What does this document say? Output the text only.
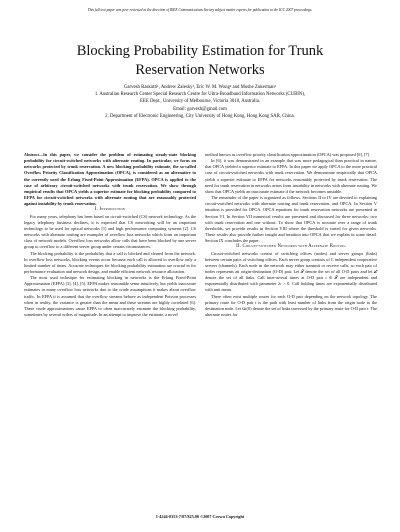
This full text paper was peer reviewed at the direction of IEEE Communications Society subject matter experts for publication in the ICC 2007 proceedings.
Blocking Probability Estimation for Trunk
Reservation Networks
Garvesh Raskutti¹, Andrew Zalesky¹, Eric W. M. Wong² and Moshe Zukerman¹
1. Australian Research Center Special Research Centre for Ultra-Broadband Information Networks (CUBIN),
EEE Dept., University of Melbourne, Victoria 3010, Australia.
Email: garvesh@gmail.com
2. Department of Electronic Engineering, City University of Hong Kong, Hong Kong SAR, China.

Abstract—In this paper, we consider the problem of estimating steady-state blocking probability for circuit-switched networks with alternate routing. In particular, we focus on networks protected by trunk reservation. A new blocking probability estimate, the so-called Overflow Priority Classification Approximation (OPCA), is considered as an alternative to the currently used the Erlang Fixed-Point Approximation (EFPA). OPCA is applied to the case of arbitrary circuit-switched networks with trunk reservation. We show through empirical results that OPCA yields a superior estimate for blocking probability compared to EFPA for circuit-switched networks with alternate routing that are reasonably protected against instability by trunk reservation.

I. Introduction

For many years, telephony has been based on circuit-switched (CS) network technology. As the legacy telephony business declines, it is expected that CS networking will be an important technology to be used for optical networks [1] and high performance computing systems [2]. CS networks with alternate routing are examples of overflow loss networks which form an important class of network models. Overflow loss networks allow calls that have been blocked by one server group to overflow to a different server group under certain circumstances.

The blocking probability is the probability that a call is blocked and cleared from the network. In overflow loss networks, blocking events occur because each call is allowed to overflow only a limited number of times. Accurate techniques for blocking probability estimation are crucial in for performance evaluation and network design, and enable efficient network resource allocation.

The most used technique for estimating blocking in networks is the Erlang Fixed-Point Approximation (EFPA) [3], [4], [5]. EFPA makes reasonable sense intuitively, but yields inaccurate estimates in many overflow loss networks due to the crude assumptions it makes about overflow traffic. In EFPA it is assumed that the overflow streams behave as independent Poisson processes when in reality, the variance is greater than the mean and these streams are highly correlated [6]. These crude approximations cause EFPA to often inaccurately estimate the blocking probability, sometimes by several orders of magnitude. In an attempt to improve the estimate, a novel

method known as overflow priority classification approximation (OPCA) was proposed [6], [7].

In [6], it was demonstrated in an example that was more pedagogical than practical in nature, that OPCA yielded a superior estimate to EFPA. In this paper we apply OPCA to the more practical case of circuit-switched networks with trunk reservation. We demonstrate empirically that OPCA yields a superior estimate to EFPA for networks reasonably protected by trunk reservation. The need for trunk reservation in networks arises from instability in networks with alternate routing. We show that OPCA yields an inaccurate estimate if the network becomes unstable.

The remainder of the paper is organized as follows. Sections II to IV are devoted to explaining circuit-switched networks with alternate routing and trunk reservation, and OPCA. In Section V intuition is provided for OPCA. OPCA equations for trunk reservation networks are presented in Section VI. In Section VII numerical results are presented and discussed for three networks: two with trunk reservation and one without. To show that OPCA is accurate over a range of trunk thresholds, we provide results in Section VIII where the threshold is varied for given networks. These results also provide further insight and intuition into OPCA that we explain in some detail. Section IX concludes the paper.

II. Circuit-switched Networks with Alternate Routing

Circuit-switched networks consist of switching offices (nodes) and server groups (links) between certain pairs of switching offices. Each server group consists of C independent cooperative servers (channels). Each node in the network may either transmit or receive calls, so each pair of nodes represents an origin-destination (O-D) pair. Let 𝒯 denote the set of all O-D pairs and let ℒ denote the set of all links. Call inter-arrival times at O-D pair t ∈ 𝒯 are independent and exponentially distributed with parameter λₜ > 0. Call holding times are exponentially distributed with unit mean.

There often exist multiple routes for each O-D pair depending on the network topology. The primary route for O-D pair t is the path with least number of links from the origin node to the destination node. Let Ωₜ(0) denote the set of links traversed by the primary route for O-D pair t. The alternate routes for

1-4244-0353-7/07/$25.00 ©2007 Crown Copyright
